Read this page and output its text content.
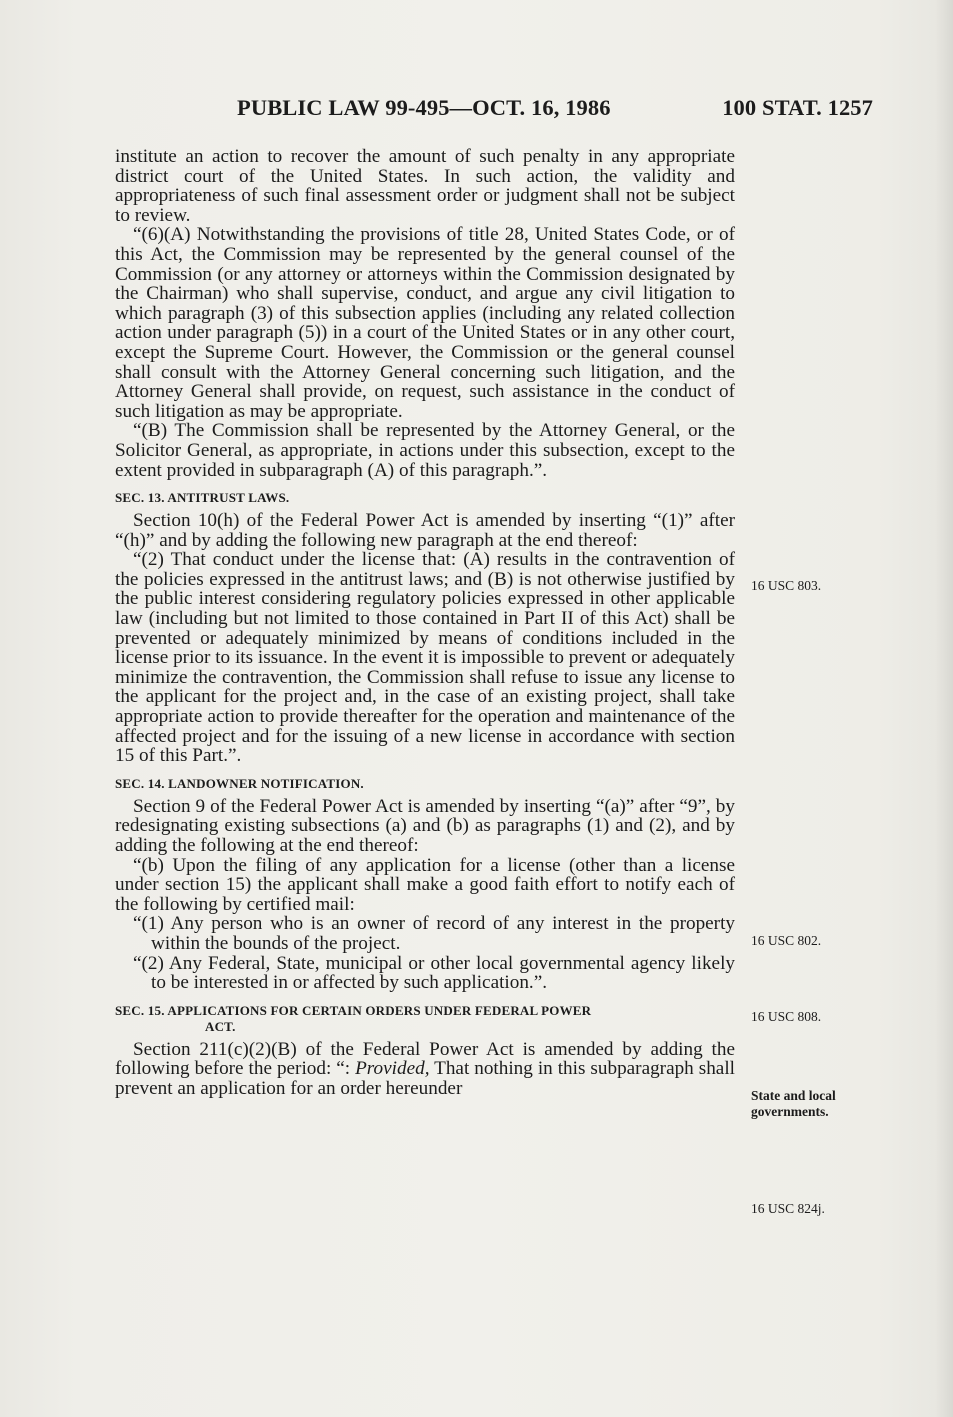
PUBLIC LAW 99-495—OCT. 16, 1986	100 STAT. 1257

institute an action to recover the amount of such penalty in any appropriate district court of the United States. In such action, the validity and appropriateness of such final assessment order or judgment shall not be subject to review.

“(6)(A) Notwithstanding the provisions of title 28, United States Code, or of this Act, the Commission may be represented by the general counsel of the Commission (or any attorney or attorneys within the Commission designated by the Chairman) who shall supervise, conduct, and argue any civil litigation to which paragraph (3) of this subsection applies (including any related collection action under paragraph (5)) in a court of the United States or in any other court, except the Supreme Court. However, the Commission or the general counsel shall consult with the Attorney General concerning such litigation, and the Attorney General shall provide, on request, such assistance in the conduct of such litigation as may be appropriate.

“(B) The Commission shall be represented by the Attorney General, or the Solicitor General, as appropriate, in actions under this subsection, except to the extent provided in subparagraph (A) of this paragraph.”.

SEC. 13. ANTITRUST LAWS.

Section 10(h) of the Federal Power Act is amended by inserting “(1)” after “(h)” and by adding the following new paragraph at the end thereof:

“(2) That conduct under the license that: (A) results in the contravention of the policies expressed in the antitrust laws; and (B) is not otherwise justified by the public interest considering regulatory policies expressed in other applicable law (including but not limited to those contained in Part II of this Act) shall be prevented or adequately minimized by means of conditions included in the license prior to its issuance. In the event it is impossible to prevent or adequately minimize the contravention, the Commission shall refuse to issue any license to the applicant for the project and, in the case of an existing project, shall take appropriate action to provide thereafter for the operation and maintenance of the affected project and for the issuing of a new license in accordance with section 15 of this Part.”.

SEC. 14. LANDOWNER NOTIFICATION.

Section 9 of the Federal Power Act is amended by inserting “(a)” after “9”, by redesignating existing subsections (a) and (b) as paragraphs (1) and (2), and by adding the following at the end thereof:

“(b) Upon the filing of any application for a license (other than a license under section 15) the applicant shall make a good faith effort to notify each of the following by certified mail:

“(1) Any person who is an owner of record of any interest in the property within the bounds of the project.

“(2) Any Federal, State, municipal or other local governmental agency likely to be interested in or affected by such application.”.

SEC. 15. APPLICATIONS FOR CERTAIN ORDERS UNDER FEDERAL POWER
ACT.

Section 211(c)(2)(B) of the Federal Power Act is amended by adding the following before the period: “: Provided, That nothing in this subparagraph shall prevent an application for an order hereunder

16 USC 803.
16 USC 802.
16 USC 808.
State and local governments.
16 USC 824j.
